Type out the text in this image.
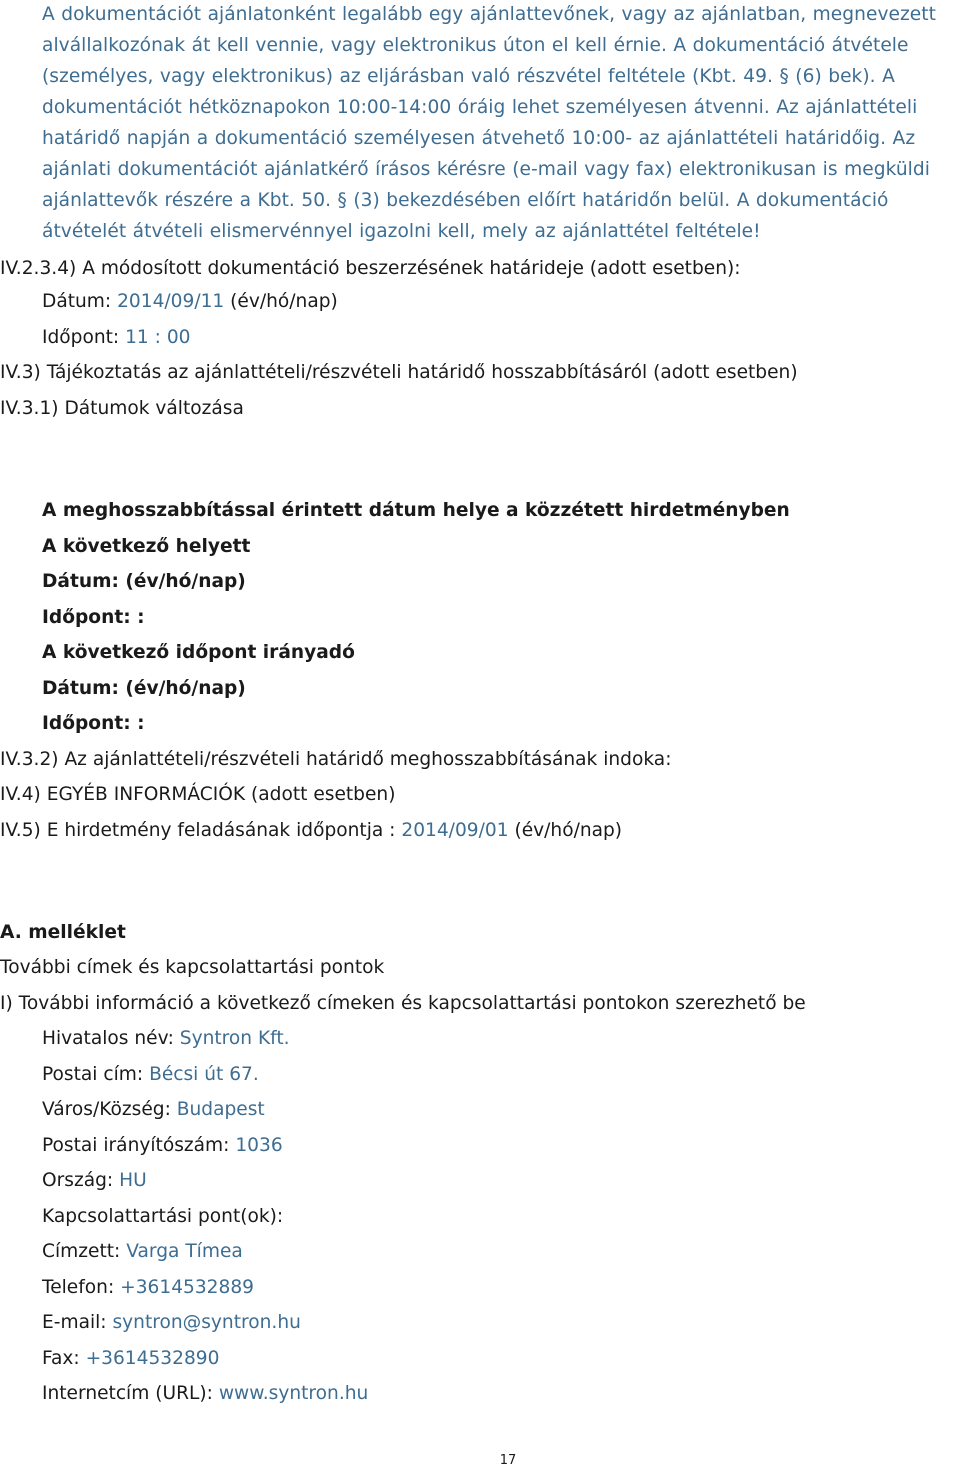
A dokumentációt ajánlatonként legalább egy ajánlattevőnek, vagy az ajánlatban, megnevezett alvállalkozónak át kell vennie, vagy elektronikus úton el kell érnie. A dokumentáció átvétele (személyes, vagy elektronikus) az eljárásban való részvétel feltétele (Kbt. 49. § (6) bek). A dokumentációt hétköznapokon 10:00-14:00 óráig lehet személyesen átvenni. Az ajánlattételi határidő napján a dokumentáció személyesen átvehető 10:00- az ajánlattételi határidőig. Az ajánlati dokumentációt ajánlatkérő írásos kérésre (e-mail vagy fax) elektronikusan is megküldi ajánlattevők részére a Kbt. 50. § (3) bekezdésében előírt határidőn belül. A dokumentáció átvételét átvételi elismervénnyel igazolni kell, mely az ajánlattétel feltétele!
IV.2.3.4) A módosított dokumentáció beszerzésének határideje (adott esetben):
Dátum: 2014/09/11 (év/hó/nap)
Időpont: 11 : 00
IV.3) Tájékoztatás az ajánlattételi/részvételi határidő hosszabbításáról (adott esetben)
IV.3.1) Dátumok változása
A meghosszabbítással érintett dátum helye a közzétett hirdetményben
A következő helyett
Dátum: (év/hó/nap)
Időpont: :
A következő időpont irányadó
Dátum: (év/hó/nap)
Időpont: :
IV.3.2) Az ajánlattételi/részvételi határidő meghosszabbításának indoka:
IV.4) EGYÉB INFORMÁCIÓK (adott esetben)
IV.5) E hirdetmény feladásának időpontja : 2014/09/01 (év/hó/nap)
A. melléklet
További címek és kapcsolattartási pontok
I) További információ a következő címeken és kapcsolattartási pontokon szerezhető be
Hivatalos név: Syntron Kft.
Postai cím: Bécsi út 67.
Város/Község: Budapest
Postai irányítószám: 1036
Ország: HU
Kapcsolattartási pont(ok):
Címzett: Varga Tímea
Telefon: +3614532889
E-mail: syntron@syntron.hu
Fax: +3614532890
Internetcím (URL): www.syntron.hu
17
